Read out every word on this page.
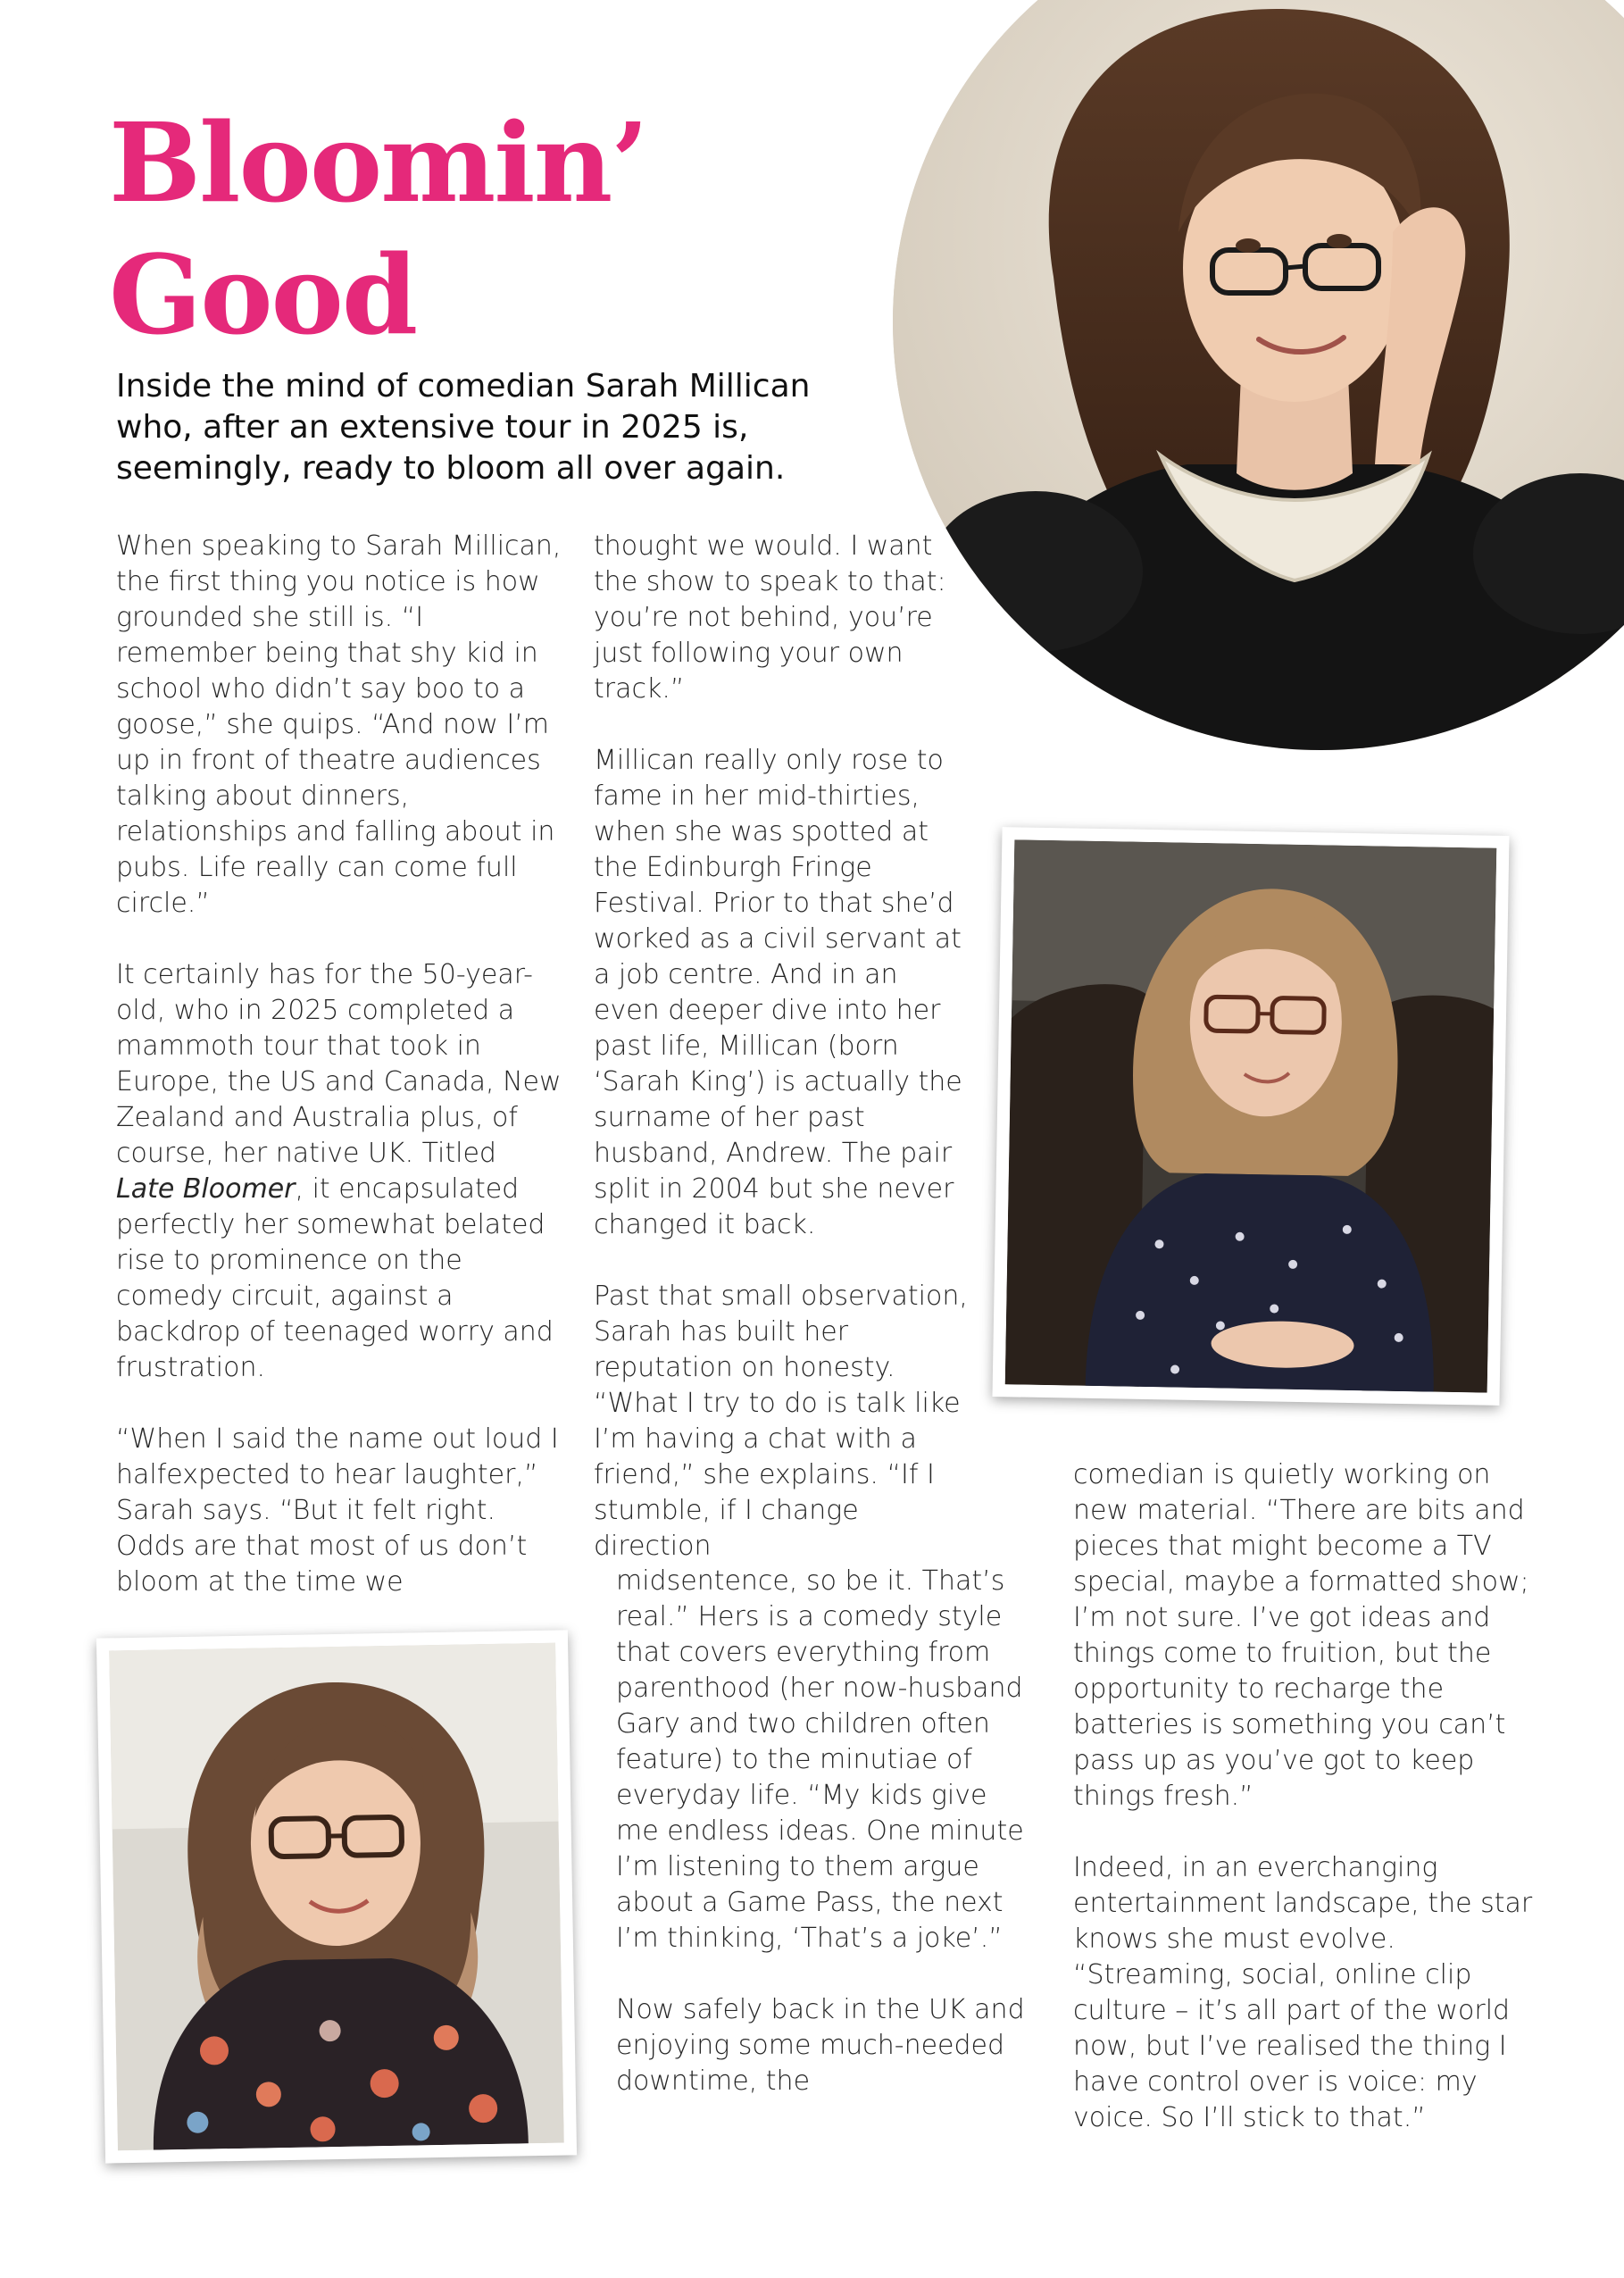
Bloomin’
Good

Inside the mind of comedian Sarah Millican who, after an extensive tour in 2025 is, seemingly, ready to bloom all over again.

When speaking to Sarah Millican, the first thing you notice is how grounded she still is. “I remember being that shy kid in school who didn’t say boo to a goose,” she quips. “And now I’m up in front of theatre audiences talking about dinners, relationships and falling about in pubs. Life really can come full circle.”

It certainly has for the 50-year-old, who in 2025 completed a mammoth tour that took in Europe, the US and Canada, New Zealand and Australia plus, of course, her native UK. Titled Late Bloomer, it encapsulated perfectly her somewhat belated rise to prominence on the comedy circuit, against a backdrop of teenaged worry and frustration.

“When I said the name out loud I halfexpected to hear laughter,” Sarah says. “But it felt right. Odds are that most of us don’t bloom at the time we

thought we would. I want the show to speak to that: you’re not behind, you’re just following your own track.”

Millican really only rose to fame in her mid-thirties, when she was spotted at the Edinburgh Fringe Festival. Prior to that she’d worked as a civil servant at a job centre. And in an even deeper dive into her past life, Millican (born ‘Sarah King’) is actually the surname of her past husband, Andrew. The pair split in 2004 but she never changed it back.

Past that small observation, Sarah has built her reputation on honesty. “What I try to do is talk like I’m having a chat with a friend,” she explains. “If I stumble, if I change direction

midsentence, so be it. That’s real.” Hers is a comedy style that covers everything from parenthood (her now-husband Gary and two children often feature) to the minutiae of everyday life. “My kids give me endless ideas. One minute I’m listening to them argue about a Game Pass, the next I’m thinking, ‘That’s a joke’.”

Now safely back in the UK and enjoying some much-needed downtime, the

comedian is quietly working on new material. “There are bits and pieces that might become a TV special, maybe a formatted show; I’m not sure. I’ve got ideas and things come to fruition, but the opportunity to recharge the batteries is something you can’t pass up as you’ve got to keep things fresh.”

Indeed, in an everchanging entertainment landscape, the star knows she must evolve. “Streaming, social, online clip culture – it’s all part of the world now, but I’ve realised the thing I have control over is voice: my voice. So I’ll stick to that.”
